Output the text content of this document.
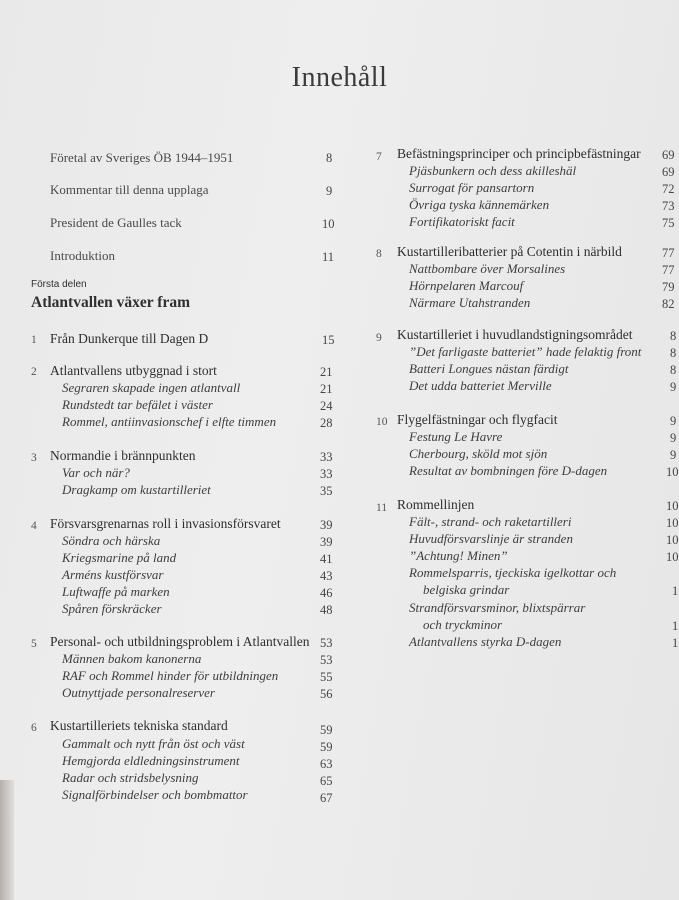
Innehåll
Företal av Sveriges ÖB 1944–1951	8
Kommentar till denna upplaga	9
President de Gaulles tack	10
Introduktion	11
Första delen
Atlantvallen växer fram
1 Från Dunkerque till Dagen D	15
2 Atlantvallens utbyggnad i stort	21
Segraren skapade ingen atlantvall	21
Rundstedt tar befälet i väster	24
Rommel, antiinvasionschef i elfte timmen	28
3 Normandie i brännpunkten	33
Var och när?	33
Dragkamp om kustartilleriet	35
4 Försvarsgrenarnas roll i invasionsförsvaret	39
Söndra och härska	39
Kriegsmarine på land	41
Arméns kustförsvar	43
Luftwaffe på marken	46
Spåren förskräcker	48
5 Personal- och utbildningsproblem i Atlantvallen 53
Männen bakom kanonerna	53
RAF och Rommel hinder för utbildningen	55
Outnyttjade personalreserver	56
6 Kustartilleriets tekniska standard	59
Gammalt och nytt från öst och väst	59
Hemgjorda eldledningsinstrument	63
Radar och stridsbelysning	65
Signalförbindelser och bombmattor	67
7 Befästningsprinciper och principbefästningar 69
Pjäsbunkern och dess akilleshäl	69
Surrogat för pansartorn	72
Övriga tyska kännemärken	73
Fortifikatoriskt facit	75
8 Kustartilleribatterier på Cotentin i närbild	77
Nattbombare över Morsalines	77
Hörnpelaren Marcouf	79
Närmare Utahstranden	82
9 Kustartilleriet i huvudlandstigningsområdet	8
”Det farligaste batteriet” hade felaktig front 8
Batteri Longues nästan färdigt	8
Det udda batteriet Merville	9
10 Flygelfästningar och flygfacit	9
Festung Le Havre	9
Cherbourg, sköld mot sjön	9
Resultat av bombningen före D-dagen	10
11 Rommellinjen	10
Fält-, strand- och raketartilleri	10
Huvudförsvarslinje är stranden	10
”Achtung! Minen”	10
Rommelsparris, tjeckiska igelkottar och
belgiska grindar	1
Strandförsvarsminor, blixtspärrar
och tryckminor	1
Atlantvallens styrka D-dagen	1
